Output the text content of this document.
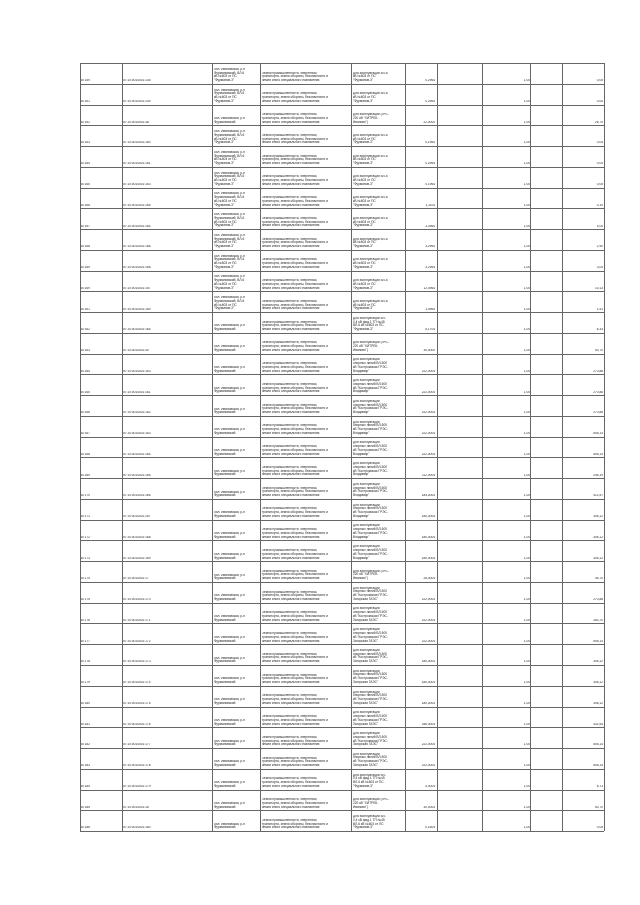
87159	57:10:0014001:145
обл. Ивановская, р-н
Фурмановский, ВЛ-6
кВ №603 от ПС
"Фурманов-3"
Земли промышленности, энергетики,
транспорта, земли обороны, безопасности и
земли иного специального назначения
Для эксплуатации ВЛ-6
кВ №603 от ПС
"Фурманов-3"	0,2964	1,00	0,05
87161	57:10:0014001:149
обл. Ивановская, р-н
Фурмановский, ВЛ-6
кВ №603 от ПС
"Фурманов-3"
Земли промышленности, энергетики,
транспорта, земли обороны, безопасности и
земли иного специального назначения
Для эксплуатации ВЛ-6
кВ №603 от ПС
"Фурманов-3"	0,2964	1,00	0,05
87162	57:10:0014001:38
обл. Ивановская, р-н
Фурмановский
Земли промышленности, энергетики,
транспорта, земли обороны, безопасности и
земли иного специального назначения
Для эксплуатации (ЗРС-
220 кВ "ХИТРЕК-
Иваново")	22,0000	1,00	26,79
87163	57:10:0014001:160
обл. Ивановская, р-н
Фурмановский, ВЛ-6
кВ №603 от ПС
"Фурманов-3"
Земли промышленности, энергетики,
транспорта, земли обороны, безопасности и
земли иного специального назначения
Для эксплуатации ВЛ-6
кВ №603 от ПС
"Фурманов-3"	0,1964	1,00	0,04
87164	57:10:0014001:161
обл. Ивановская, р-н
Фурмановский, ВЛ-6
кВ №603 от ПС
"Фурманов-3"
Земли промышленности, энергетики,
транспорта, земли обороны, безопасности и
земли иного специального назначения
Для эксплуатации ВЛ-6
кВ №603 от ПС
"Фурманов-3"	0,2964	1,00	0,04
87165	57:10:0014001:163
обл. Ивановская, р-н
Фурмановский, ВЛ-6
кВ №603 от ПС
"Фурманов-3"
Земли промышленности, энергетики,
транспорта, земли обороны, безопасности и
земли иного специального назначения
Для эксплуатации ВЛ-6
кВ №603 от ПС
"Фурманов-3"	0,1964	1,00	0,05
87166	57:10:0014001:165
обл. Ивановская, р-н
Фурмановский, ВЛ-6
кВ №603 от ПС
"Фурманов-3"
Земли промышленности, энергетики,
транспорта, земли обороны, безопасности и
земли иного специального назначения
Для эксплуатации ВЛ-6
кВ №603 от ПС
"Фурманов-3"	1,1104	1,00	0,19
87167	57:10:0014001:164
обл. Ивановская, р-н
Фурмановский, ВЛ-6
кВ №603 от ПС
"Фурманов-3"
Земли промышленности, энергетики,
транспорта, земли обороны, безопасности и
земли иного специального назначения
Для эксплуатации ВЛ-6
кВ №603 от ПС
"Фурманов-3"	3,3964	1,00	4,04
87168	57:10:0014001:166
обл. Ивановская, р-н
Фурмановский, ВЛ-6
кВ №603 от ПС
"Фурманов-3"
Земли промышленности, энергетики,
транспорта, земли обороны, безопасности и
земли иного специального назначения
Для эксплуатации ВЛ-6
кВ №603 от ПС
"Фурманов-3"	3,2964	1,00	2,90
87169	57:10:0014001:168
обл. Ивановская, р-н
Фурмановский, ВЛ-6
кВ №603 от ПС
"Фурманов-3"
Земли промышленности, энергетики,
транспорта, земли обороны, безопасности и
земли иного специального назначения
Для эксплуатации ВЛ-6
кВ №603 от ПС
"Фурманов-3"	3,2964	1,00	3,04
87169	57:10:0014001:167
обл. Ивановская, р-н
Фурмановский, ВЛ-6
кВ №603 от ПС
"Фурманов-3"
Земли промышленности, энергетики,
транспорта, земли обороны, безопасности и
земли иного специального назначения
Для эксплуатации ВЛ-6
кВ №603 от ПС
"Фурманов-3"	12,4964	1,00	10,13
87161	57:10:0014001:169
обл. Ивановская, р-н
Фурмановский, ВЛ-6
кВ №603 от ПС
"Фурманов-3"
Земли промышленности, энергетики,
транспорта, земли обороны, безопасности и
земли иного специального назначения
Для эксплуатации ВЛ-6
кВ №603 от ПС
"Фурманов-3"	1,4964	1,00	1,51
87162	57:10:0014001:164
обл. Ивановская, р-н
Фурмановский
Земли промышленности, энергетики,
транспорта, земли обороны, безопасности и
земли иного специального назначения
Для эксплуатации ВЛ-
0,4 кВ фид.1 ТП №45
ВЛ-6 кВ №603 от ПС
"Фурманов-3"	5,1704	1,00	6,33
87163	57:10:0014001:30
обл. Ивановская, р-н
Фурмановский
Земли промышленности, энергетики,
транспорта, земли обороны, безопасности и
земли иного специального назначения
Для эксплуатации (ЗРС-
220 кВ "ХИТРЕК-
Иваново")	30,0000	1,00	50,70
87164	57:10:0014001:163
обл. Ивановская, р-н
Фурмановский
Земли промышленности, энергетики,
транспорта, земли обороны, безопасности и
земли иного специального назначения
Для эксплуатации
опорных линий ВЛ-500
кВ "Костромская ГРЭС-
Владимир"	222,0004	1,00	270,88
87165	57:10:0014001:161
обл. Ивановская, р-н
Фурмановский
Земли промышленности, энергетики,
транспорта, земли обороны, безопасности и
земли иного специального назначения
Для эксплуатации
опорных линий ВЛ-500
кВ "Костромская ГРЭС-
Владимир"	222,0004	1,00	270,88
87166	57:10:0014001:162
обл. Ивановская, р-н
Фурмановский
Земли промышленности, энергетики,
транспорта, земли обороны, безопасности и
земли иного специального назначения
Для эксплуатации
опорных линий ВЛ-500
кВ "Костромская ГРЭС-
Владимир"	222,0004	1,00	270,88
87167	57:10:0014001:163
обл. Ивановская, р-н
Фурмановский
Земли промышленности, энергетики,
транспорта, земли обороны, безопасности и
земли иного специального назначения
Для эксплуатации
опорных линий ВЛ-500
кВ "Костромская ГРЭС-
Владимир"	222,0004	1,00	506,14
87168	57:10:0014001:164
обл. Ивановская, р-н
Фурмановский
Земли промышленности, энергетики,
транспорта, земли обороны, безопасности и
земли иного специального назначения
Для эксплуатации
опорных линий ВЛ-500
кВ "Костромская ГРЭС-
Владимир"	222,0004	1,00	506,14
87169	57:10:0014001:165
обл. Ивановская, р-н
Фурмановский
Земли промышленности, энергетики,
транспорта, земли обороны, безопасности и
земли иного специального назначения
Для эксплуатации
опорных линий ВЛ-500
кВ "Костромская ГРЭС-
Владимир"	112,0004	1,00	246,19
87170	57:10:0014001:166
обл. Ивановская, р-н
Фурмановский
Земли промышленности, энергетики,
транспорта, земли обороны, безопасности и
земли иного специального назначения
Для эксплуатации
опорных линий ВЛ-500
кВ "Костромская ГРЭС-
Владимир"	184,0004	1,00	412,57
87171	57:10:0014001:167
обл. Ивановская, р-н
Фурмановский
Земли промышленности, энергетики,
транспорта, земли обороны, безопасности и
земли иного специального назначения
Для эксплуатации
опорных линий ВЛ-500
кВ "Костромская ГРЭС-
Владимир"	180,0004	1,00	306,12
87172	57:10:0014001:168
обл. Ивановская, р-н
Фурмановский
Земли промышленности, энергетики,
транспорта, земли обороны, безопасности и
земли иного специального назначения
Для эксплуатации
опорных линий ВЛ-500
кВ "Костромская ГРЭС-
Владимир"	180,0004	1,00	306,12
87173	57:10:0014001:169
обл. Ивановская, р-н
Фурмановский
Земли промышленности, энергетики,
транспорта, земли обороны, безопасности и
земли иного специального назначения
Для эксплуатации
опорных линий ВЛ-500
кВ "Костромская ГРЭС-
Владимир"	180,0004	1,00	306,12
87174	57:10:0014001:17
обл. Ивановская, р-н
Фурмановский
Земли промышленности, энергетики,
транспорта, земли обороны, безопасности и
земли иного специального назначения
Для эксплуатации (ЗРС-
220 кВ "ХИТРЕК-
Иваново")	28,0004	1,00	45,70
87175	57:10:0014001:170
обл. Ивановская, р-н
Фурмановский
Земли промышленности, энергетики,
транспорта, земли обороны, безопасности и
земли иного специального назначения
Для эксплуатации
опорных линий ВЛ-500
кВ "Костромская ГРЭС-
Загорская ГАЭС"	222,0004	1,00	270,88
87176	57:10:0014001:171
обл. Ивановская, р-н
Фурмановский
Земли промышленности, энергетики,
транспорта, земли обороны, безопасности и
земли иного специального назначения
Для эксплуатации
опорных линий ВЛ-500
кВ "Костромская ГРЭС-
Загорская ГАЭС"	222,0004	1,00	283,70
87177	57:10:0014001:172
обл. Ивановская, р-н
Фурмановский
Земли промышленности, энергетики,
транспорта, земли обороны, безопасности и
земли иного специального назначения
Для эксплуатации
опорных линий ВЛ-500
кВ "Костромская ГРЭС-
Загорская ГАЭС"	222,0004	1,00	506,14
87178	57:10:0014001:173
обл. Ивановская, р-н
Фурмановский
Земли промышленности, энергетики,
транспорта, земли обороны, безопасности и
земли иного специального назначения
Для эксплуатации
опорных линий ВЛ-500
кВ "Костромская ГРЭС-
Загорская ГАЭС"	180,0004	1,00	306,12
87179	57:10:0014001:174
обл. Ивановская, р-н
Фурмановский
Земли промышленности, энергетики,
транспорта, земли обороны, безопасности и
земли иного специального назначения
Для эксплуатации
опорных линий ВЛ-500
кВ "Костромская ГРЭС-
Загорская ГАЭС"	180,0004	1,00	306,12
87180	57:10:0014001:175
обл. Ивановская, р-н
Фурмановский
Земли промышленности, энергетики,
транспорта, земли обороны, безопасности и
земли иного специального назначения
Для эксплуатации
опорных линий ВЛ-500
кВ "Костромская ГРЭС-
Загорская ГАЭС"	180,0004	1,00	306,12
87181	57:10:0014001:176
обл. Ивановская, р-н
Фурмановский
Земли промышленности, энергетики,
транспорта, земли обороны, безопасности и
земли иного специального назначения
Для эксплуатации
опорных линий ВЛ-500
кВ "Костромская ГРЭС-
Загорская ГАЭС"	256,0004	1,00	432,54
87182	57:10:0014001:177
обл. Ивановская, р-н
Фурмановский
Земли промышленности, энергетики,
транспорта, земли обороны, безопасности и
земли иного специального назначения
Для эксплуатации
опорных линий ВЛ-500
кВ "Костромская ГРЭС-
Загорская ГАЭС"	222,0004	1,00	506,14
87183	57:10:0014001:178
обл. Ивановская, р-н
Фурмановский
Земли промышленности, энергетики,
транспорта, земли обороны, безопасности и
земли иного специального назначения
Для эксплуатации
опорных линий ВЛ-500
кВ "Костромская ГРЭС-
Загорская ГАЭС"	222,0004	1,00	506,14
87184	57:10:0014001:179
обл. Ивановская, р-н
Фурмановский
Земли промышленности, энергетики,
транспорта, земли обороны, безопасности и
земли иного специального назначения
Для эксплуатации ВЛ-
0,4 кВ фид.1 ТП №45
ВЛ-6 кВ №603 от ПС
"Фурманов-3"	4,0004	1,00	6,73
87185	57:10:0014001:18
обл. Ивановская, р-н
Фурмановский
Земли промышленности, энергетики,
транспорта, земли обороны, безопасности и
земли иного специального назначения
Для эксплуатации (ЗРС-
220 кВ "ХИТРЕК-
Иваново")	30,0004	1,00	50,70
87186	57:10:0014001:180
обл. Ивановская, р-н
Фурмановский
Земли промышленности, энергетики,
транспорта, земли обороны, безопасности и
земли иного специального назначения
Для эксплуатации ВЛ-
0,4 кВ фид.1 ТП №45
ВЛ-6 кВ №603 от ПС
"Фурманов-3"	0,1604	1,00	0,05
